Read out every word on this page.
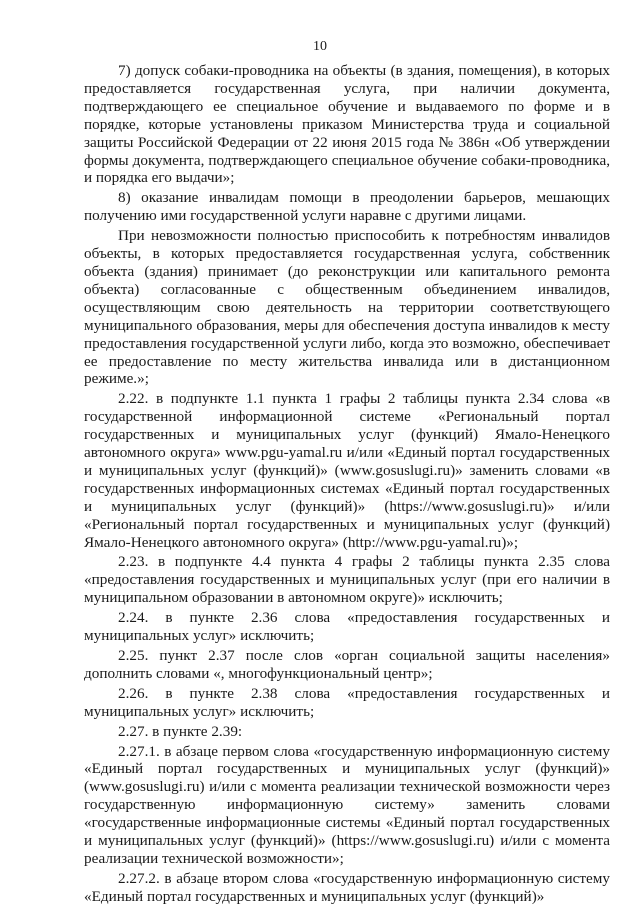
10

7) допуск собаки-проводника на объекты (в здания, помещения), в которых предоставляется государственная услуга, при наличии документа, подтверждающего ее специальное обучение и выдаваемого по форме и в порядке, которые установлены приказом Министерства труда и социальной защиты Российской Федерации от 22 июня 2015 года № 386н «Об утверждении формы документа, подтверждающего специальное обучение собаки-проводника, и порядка его выдачи»;

8) оказание инвалидам помощи в преодолении барьеров, мешающих получению ими государственной услуги наравне с другими лицами.

При невозможности полностью приспособить к потребностям инвалидов объекты, в которых предоставляется государственная услуга, собственник объекта (здания) принимает (до реконструкции или капитального ремонта объекта) согласованные с общественным объединением инвалидов, осуществляющим свою деятельность на территории соответствующего муниципального образования, меры для обеспечения доступа инвалидов к месту предоставления государственной услуги либо, когда это возможно, обеспечивает ее предоставление по месту жительства инвалида или в дистанционном режиме.»;

2.22. в подпункте 1.1 пункта 1 графы 2 таблицы пункта 2.34 слова «в государственной информационной системе «Региональный портал государственных и муниципальных услуг (функций) Ямало-Ненецкого автономного округа» www.pgu-yamal.ru и/или «Единый портал государственных и муниципальных услуг (функций)» (www.gosuslugi.ru)» заменить словами «в государственных информационных системах «Единый портал государственных и муниципальных услуг (функций)» (https://www.gosuslugi.ru)» и/или «Региональный портал государственных и муниципальных услуг (функций) Ямало-Ненецкого автономного округа» (http://www.pgu-yamal.ru)»;

2.23. в подпункте 4.4 пункта 4 графы 2 таблицы пункта 2.35 слова «предоставления государственных и муниципальных услуг (при его наличии в муниципальном образовании в автономном округе)» исключить;

2.24. в пункте 2.36 слова «предоставления государственных и муниципальных услуг» исключить;

2.25. пункт 2.37 после слов «орган социальной защиты населения» дополнить словами «, многофункциональный центр»;

2.26. в пункте 2.38 слова «предоставления государственных и муниципальных услуг» исключить;

2.27. в пункте 2.39:

2.27.1. в абзаце первом слова «государственную информационную систему «Единый портал государственных и муниципальных услуг (функций)» (www.gosuslugi.ru) и/или с момента реализации технической возможности через государственную информационную систему» заменить словами «государственные информационные системы «Единый портал государственных и муниципальных услуг (функций)» (https://www.gosuslugi.ru) и/или с момента реализации технической возможности»;

2.27.2. в абзаце втором слова «государственную информационную систему «Единый портал государственных и муниципальных услуг (функций)»
